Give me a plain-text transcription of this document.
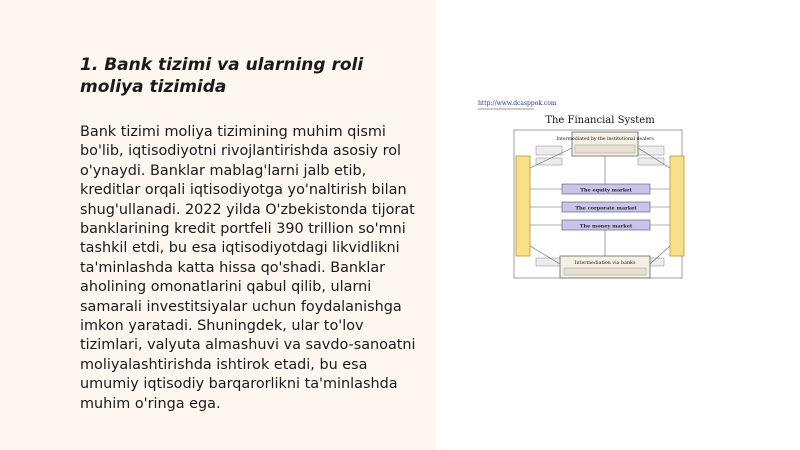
1. Bank tizimi va ularning roli moliya tizimida

Bank tizimi moliya tizimining muhim qismi bo'lib, iqtisodiyotni rivojlantirishda asosiy rol o'ynaydi. Banklar mablag'larni jalb etib, kreditlar orqali iqtisodiyotga yo'naltirish bilan shug'ullanadi. 2022 yilda O'zbekistonda tijorat banklarining kredit portfeli 390 trillion so'mni tashkil etdi, bu esa iqtisodiyotdagi likvidlikni ta'minlashda katta hissa qo'shadi. Banklar aholining omonatlarini qabul qilib, ularni samarali investitsiyalar uchun foydalanishga imkon yaratadi. Shuningdek, ular to'lov tizimlari, valyuta almashuvi va savdo-sanoatni moliyalashtirishda ishtirok etadi, bu esa umumiy iqtisodiy barqarorlikni ta'minlashda muhim o'ringa ega.

http://www.dcasppok.com
The Financial System
Intermediated by the institutional dealers
The equity market
The corporate market
The money market
Intermediation via banks
